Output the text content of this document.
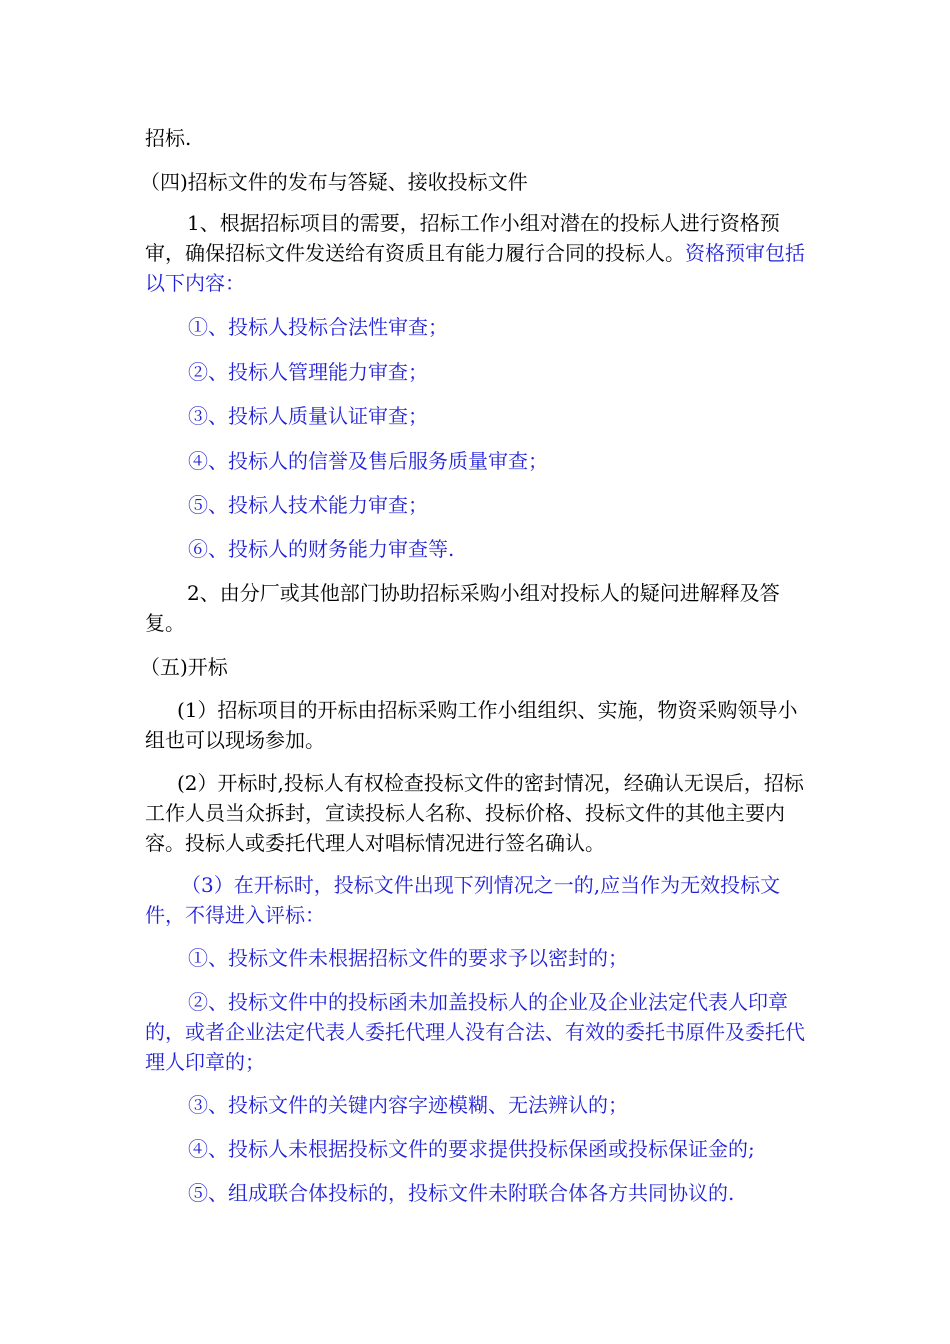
招标.
（四)招标文件的发布与答疑、接收投标文件
1、根据招标项目的需要，招标工作小组对潜在的投标人进行资格预审，确保招标文件发送给有资质且有能力履行合同的投标人。资格预审包括以下内容：
①、投标人投标合法性审查；
②、投标人管理能力审查；
③、投标人质量认证审查；
④、投标人的信誉及售后服务质量审查；
⑤、投标人技术能力审查；
⑥、投标人的财务能力审查等.
2、由分厂或其他部门协助招标采购小组对投标人的疑问进解释及答复。
（五)开标
(1）招标项目的开标由招标采购工作小组组织、实施，物资采购领导小组也可以现场参加。
(2）开标时,投标人有权检查投标文件的密封情况，经确认无误后，招标工作人员当众拆封，宣读投标人名称、投标价格、投标文件的其他主要内容。投标人或委托代理人对唱标情况进行签名确认。
（3）在开标时，投标文件出现下列情况之一的,应当作为无效投标文件，不得进入评标：
①、投标文件未根据招标文件的要求予以密封的；
②、投标文件中的投标函未加盖投标人的企业及企业法定代表人印章的，或者企业法定代表人委托代理人没有合法、有效的委托书原件及委托代理人印章的；
③、投标文件的关键内容字迹模糊、无法辨认的；
④、投标人未根据投标文件的要求提供投标保函或投标保证金的;
⑤、组成联合体投标的，投标文件未附联合体各方共同协议的.
